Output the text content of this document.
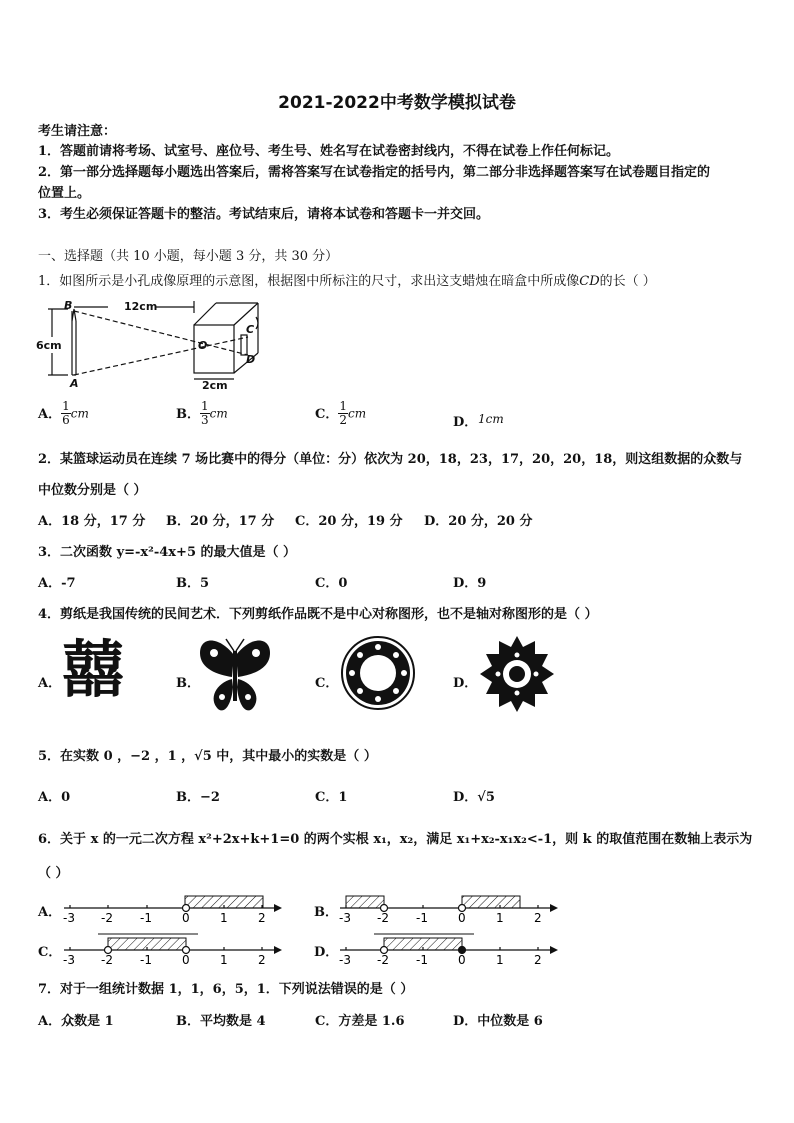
2021-2022中考数学模拟试卷
考生请注意：
1．答题前请将考场、试室号、座位号、考生号、姓名写在试卷密封线内，不得在试卷上作任何标记。
2．第一部分选择题每小题选出答案后，需将答案写在试卷指定的括号内，第二部分非选择题答案写在试卷题目指定的
位置上。
3．考生必须保证答题卡的整洁。考试结束后，请将本试卷和答题卡一并交回。
一、选择题（共 10 小题，每小题 3 分，共 30 分）
1．如图所示是小孔成像原理的示意图，根据图中所标注的尺寸，求出这支蜡烛在暗盒中所成像CD的长（ ）
12cm
6cm
2cm
B
A
O
C
D
A． $\frac{1}{6}$ cm	B． $\frac{1}{3}$ cm	C． $\frac{1}{2}$ cm
D． 1cm
2．某篮球运动员在连续 7 场比赛中的得分（单位：分）依次为 20，18，23，17，20，20，18，则这组数据的众数与
中位数分别是（ ）
A．18 分，17 分 B．20 分，17 分 C．20 分，19 分 D．20 分，20 分
3．二次函数 y=-x²-4x+5 的最大值是（ ）
A．-7	B．5	C．0	D．9
4．剪纸是我国传统的民间艺术．下列剪纸作品既不是中心对称图形，也不是轴对称图形的是（ ）
A．	B．	C．	D．
囍
5．在实数 0 ，−2 ，1 ，√5 中，其中最小的实数是（ ）
A．0	B．−2	C．1	D．√5
6．关于 x 的一元二次方程 x²+2x+k+1=0 的两个实根 x₁，x₂，满足 x₁+x₂-x₁x₂<-1，则 k 的取值范围在数轴上表示为
（ ）
A．	B．
C．	D．
-3 -2 -1	0	1	2	-3 -2 -1	0	1	2
-3 -2 -1	0	1	2	-3 -2 -1	0	1	2
7．对于一组统计数据 1，1，6，5，1．下列说法错误的是（ ）
A．众数是 1	B．平均数是 4	C．方差是 1.6	D．中位数是 6
